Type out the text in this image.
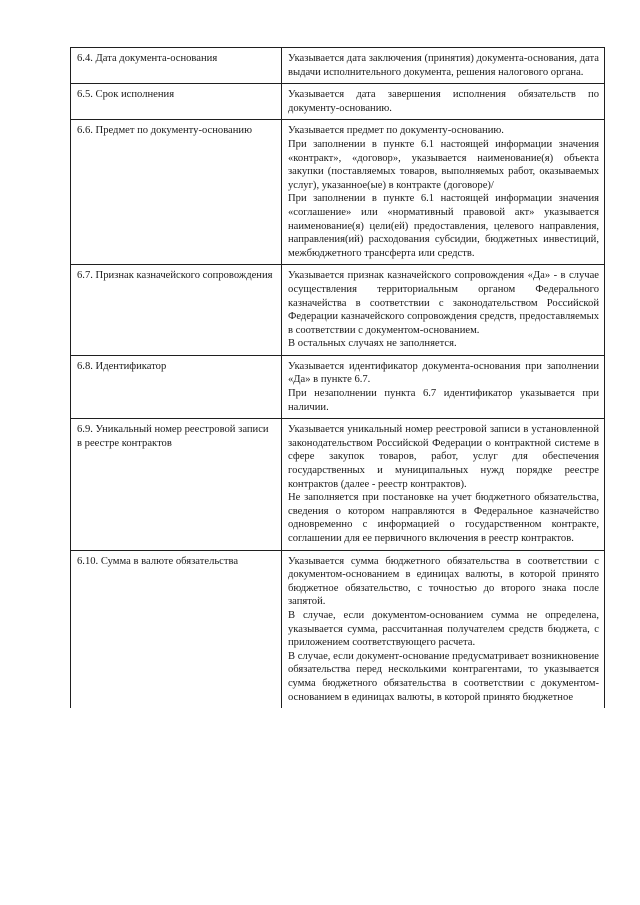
6.4. Дата документа-основания	Указывается дата заключения (принятия) документа-основания, дата выдачи исполнительного документа, решения налогового органа.

6.5. Срок исполнения	Указывается дата завершения исполнения обязательств по документу-основанию.

6.6. Предмет по документу-основанию	Указывается предмет по документу-основанию.

При заполнении в пункте 6.1 настоящей информации значения «контракт», «договор», указывается наименование(я) объекта закупки (поставляемых товаров, выполняемых работ, оказываемых услуг), указанное(ые) в контракте (договоре)/

При заполнении в пункте 6.1 настоящей информации значения «соглашение» или «нормативный правовой акт» указывается наименование(я) цели(ей) предоставления, целевого направления, направления(ий) расходования субсидии, бюджетных инвестиций, межбюджетного трансферта или средств.

6.7. Признак казначейского сопровождения	Указывается признак казначейского сопровождения «Да» - в случае осуществления территориальным органом Федерального казначейства в соответствии с законодательством Российской Федерации казначейского сопровождения средств, предоставляемых в соответствии с документом-основанием.

В остальных случаях не заполняется.

6.8. Идентификатор	Указывается идентификатор документа-основания при заполнении «Да» в пункте 6.7.

При незаполнении пункта 6.7 идентификатор указывается при наличии.

6.9. Уникальный номер реестровой записи в реестре контрактов	Указывается уникальный номер реестровой записи в установленной законодательством Российской Федерации о контрактной системе в сфере закупок товаров, работ, услуг для обеспечения государственных и муниципальных нужд порядке реестре контрактов (далее - реестр контрактов).

Не заполняется при постановке на учет бюджетного обязательства, сведения о котором направляются в Федеральное казначейство одновременно с информацией о государственном контракте, соглашении для ее первичного включения в реестр контрактов.

6.10. Сумма в валюте обязательства	Указывается сумма бюджетного обязательства в соответствии с документом-основанием в единицах валюты, в которой принято бюджетное обязательство, с точностью до второго знака после запятой.

В случае, если документом-основанием сумма не определена, указывается сумма, рассчитанная получателем средств бюджета, с приложением соответствующего расчета.

В случае, если документ-основание предусматривает возникновение обязательства перед несколькими контрагентами, то указывается сумма бюджетного обязательства в соответствии с документом-основанием в единицах валюты, в которой принято бюджетное
